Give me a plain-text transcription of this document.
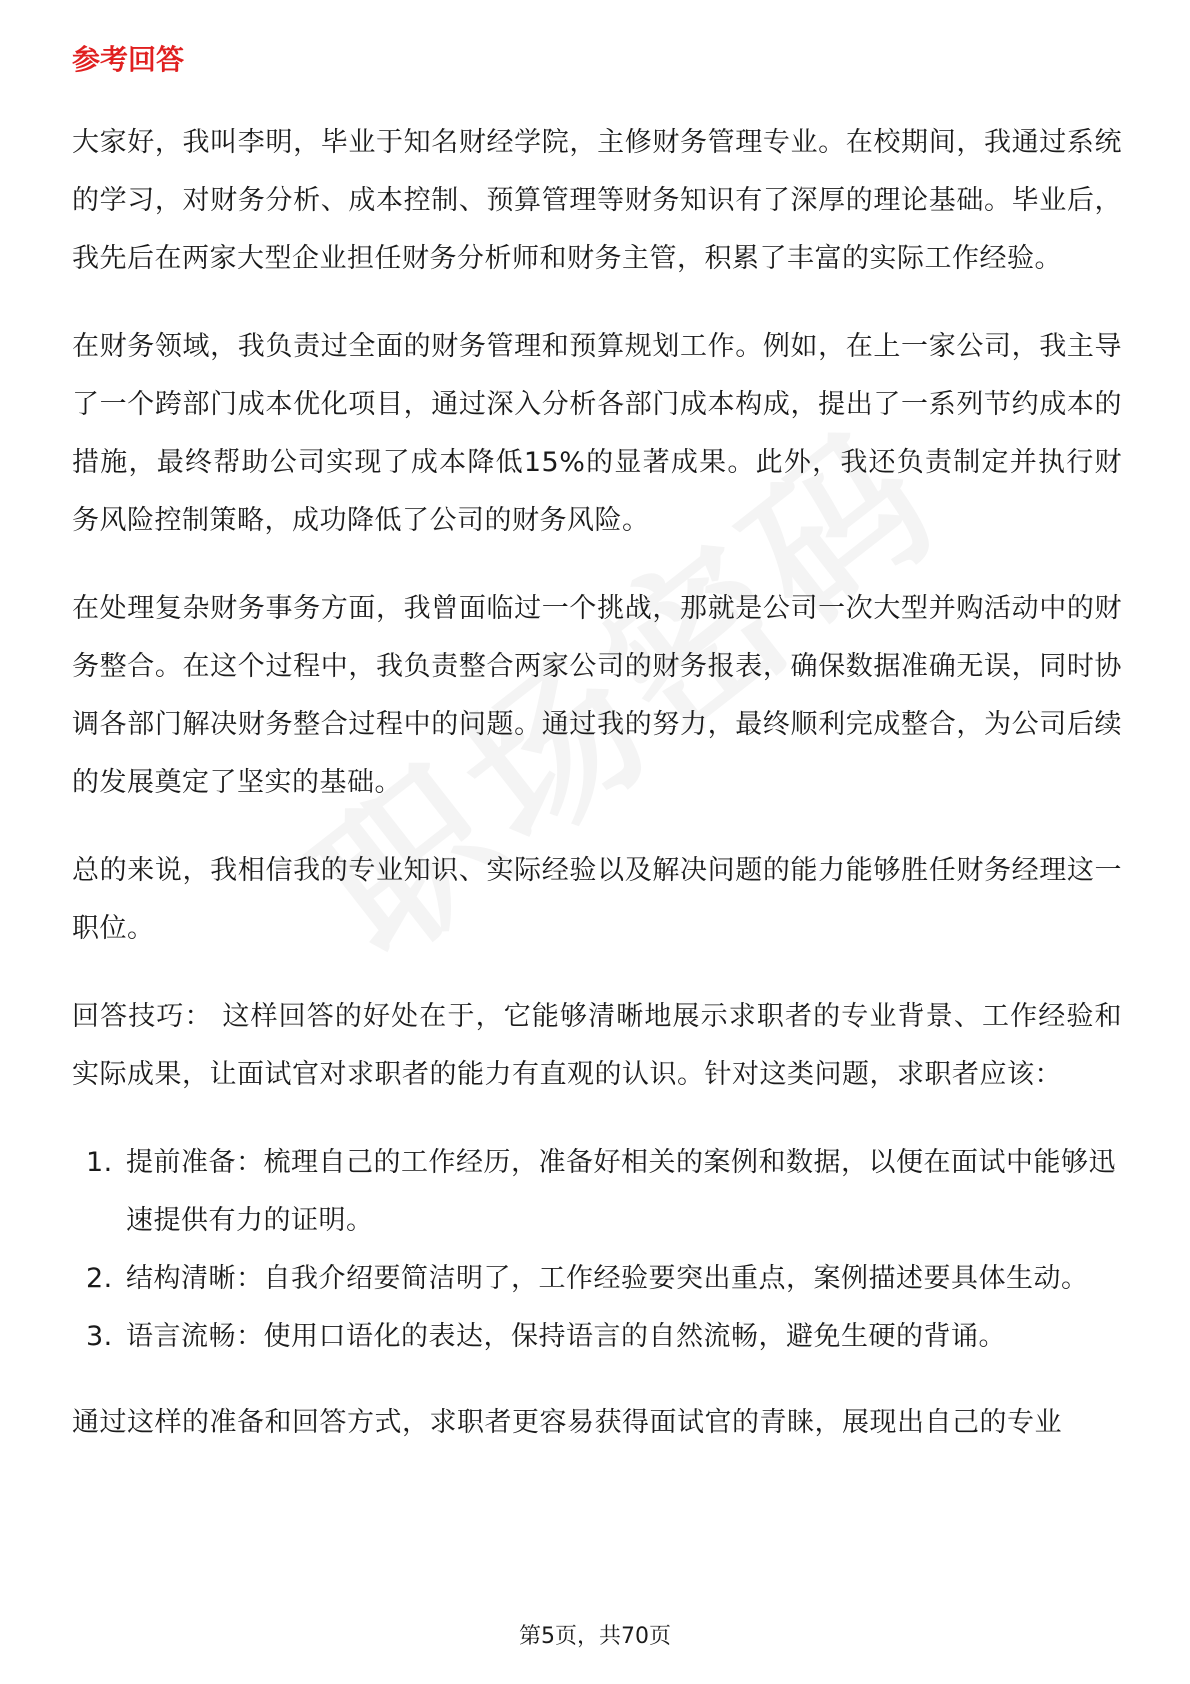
参考回答

大家好，我叫李明，毕业于知名财经学院，主修财务管理专业。在校期间，我通过系统的学习，对财务分析、成本控制、预算管理等财务知识有了深厚的理论基础。毕业后，我先后在两家大型企业担任财务分析师和财务主管，积累了丰富的实际工作经验。

在财务领域，我负责过全面的财务管理和预算规划工作。例如，在上一家公司，我主导了一个跨部门成本优化项目，通过深入分析各部门成本构成，提出了一系列节约成本的措施，最终帮助公司实现了成本降低15%的显著成果。此外，我还负责制定并执行财务风险控制策略，成功降低了公司的财务风险。

在处理复杂财务事务方面，我曾面临过一个挑战，那就是公司一次大型并购活动中的财务整合。在这个过程中，我负责整合两家公司的财务报表，确保数据准确无误，同时协调各部门解决财务整合过程中的问题。通过我的努力，最终顺利完成整合，为公司后续的发展奠定了坚实的基础。

总的来说，我相信我的专业知识、实际经验以及解决问题的能力能够胜任财务经理这一职位。

回答技巧： 这样回答的好处在于，它能够清晰地展示求职者的专业背景、工作经验和实际成果，让面试官对求职者的能力有直观的认识。针对这类问题，求职者应该：

1. 提前准备：梳理自己的工作经历，准备好相关的案例和数据，以便在面试中能够迅速提供有力的证明。
2. 结构清晰：自我介绍要简洁明了，工作经验要突出重点，案例描述要具体生动。
3. 语言流畅：使用口语化的表达，保持语言的自然流畅，避免生硬的背诵。

通过这样的准备和回答方式，求职者更容易获得面试官的青睐，展现出自己的专业

第5页，共70页
